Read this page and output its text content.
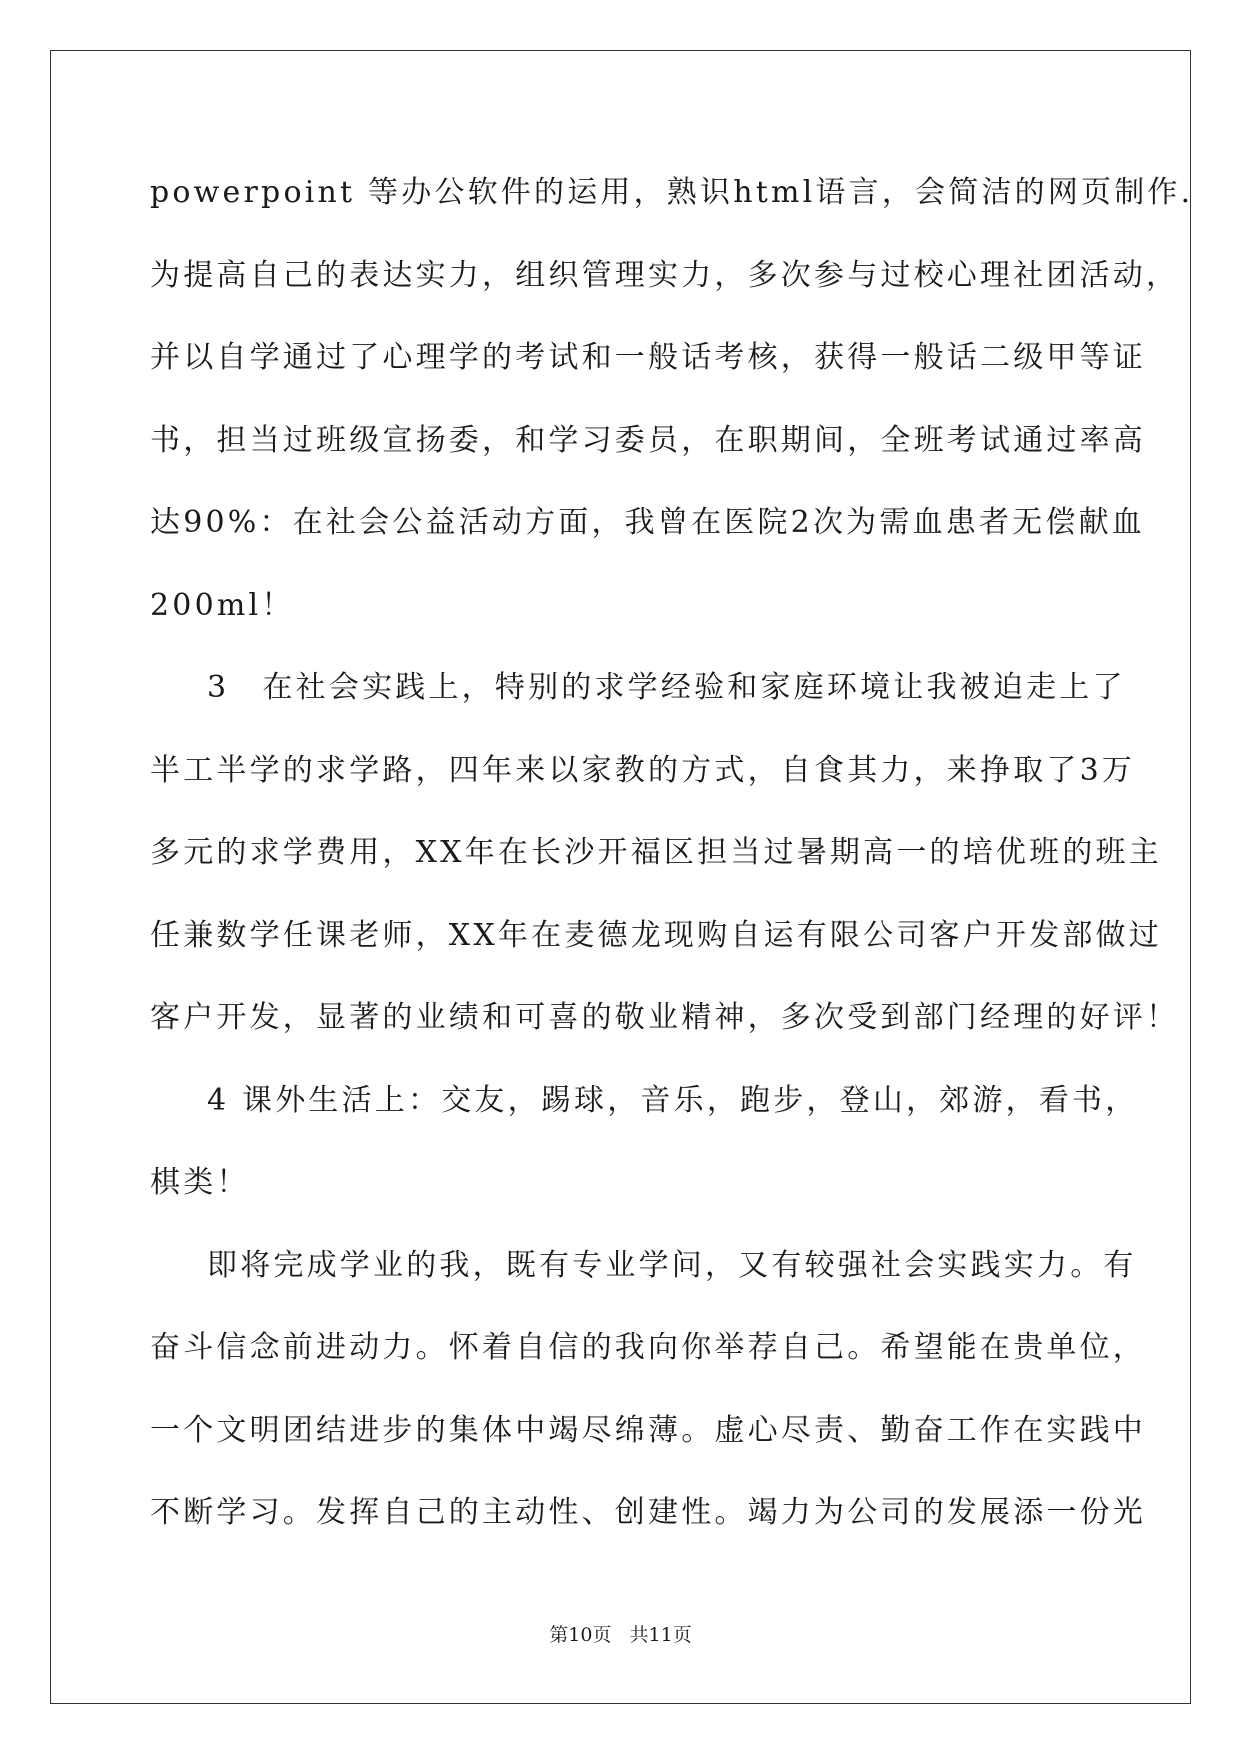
powerpoint 等办公软件的运用，熟识html语言，会简洁的网页制作.
为提高自己的表达实力，组织管理实力，多次参与过校心理社团活动，
并以自学通过了心理学的考试和一般话考核，获得一般话二级甲等证
书，担当过班级宣扬委，和学习委员，在职期间，全班考试通过率高
达90%：在社会公益活动方面，我曾在医院2次为需血患者无偿献血
200ml！
3　在社会实践上，特别的求学经验和家庭环境让我被迫走上了
半工半学的求学路，四年来以家教的方式，自食其力，来挣取了3万
多元的求学费用，XX年在长沙开福区担当过暑期高一的培优班的班主
任兼数学任课老师，XX年在麦德龙现购自运有限公司客户开发部做过
客户开发，显著的业绩和可喜的敬业精神，多次受到部门经理的好评！
4 课外生活上：交友，踢球，音乐，跑步，登山，郊游，看书，
棋类！
即将完成学业的我，既有专业学问，又有较强社会实践实力。有
奋斗信念前进动力。怀着自信的我向你举荐自己。希望能在贵单位，
一个文明团结进步的集体中竭尽绵薄。虚心尽责、勤奋工作在实践中
不断学习。发挥自己的主动性、创建性。竭力为公司的发展添一份光
第10页 共11页
